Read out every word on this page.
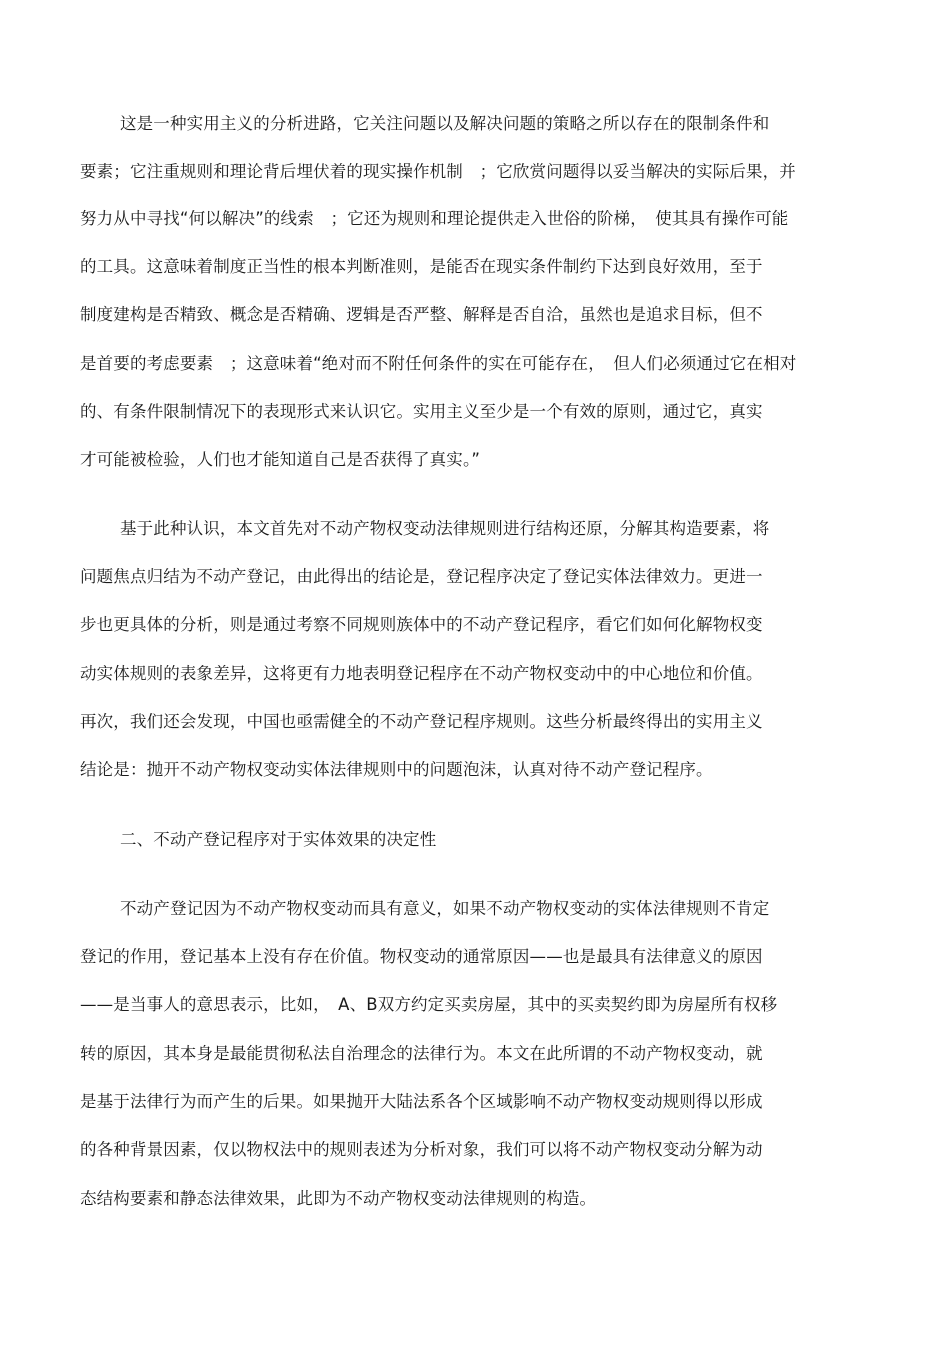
这是一种实用主义的分析进路，它关注问题以及解决问题的策略之所以存在的限制条件和
要素；它注重规则和理论背后埋伏着的现实操作机制　；它欣赏问题得以妥当解决的实际后果，并
努力从中寻找“何以解决”的线索　；它还为规则和理论提供走入世俗的阶梯，　使其具有操作可能
的工具。这意味着制度正当性的根本判断准则，是能否在现实条件制约下达到良好效用，至于
制度建构是否精致、概念是否精确、逻辑是否严整、解释是否自洽，虽然也是追求目标，但不
是首要的考虑要素　；这意味着“绝对而不附任何条件的实在可能存在，　但人们必须通过它在相对
的、有条件限制情况下的表现形式来认识它。实用主义至少是一个有效的原则，通过它，真实
才可能被检验，人们也才能知道自己是否获得了真实。”
基于此种认识，本文首先对不动产物权变动法律规则进行结构还原，分解其构造要素，将
问题焦点归结为不动产登记，由此得出的结论是，登记程序决定了登记实体法律效力。更进一
步也更具体的分析，则是通过考察不同规则族体中的不动产登记程序，看它们如何化解物权变
动实体规则的表象差异，这将更有力地表明登记程序在不动产物权变动中的中心地位和价值。
再次，我们还会发现，中国也亟需健全的不动产登记程序规则。这些分析最终得出的实用主义
结论是：抛开不动产物权变动实体法律规则中的问题泡沫，认真对待不动产登记程序。
二、不动产登记程序对于实体效果的决定性
不动产登记因为不动产物权变动而具有意义，如果不动产物权变动的实体法律规则不肯定
登记的作用，登记基本上没有存在价值。物权变动的通常原因——也是最具有法律意义的原因
——是当事人的意思表示，比如，　A、B双方约定买卖房屋，其中的买卖契约即为房屋所有权移
转的原因，其本身是最能贯彻私法自治理念的法律行为。本文在此所谓的不动产物权变动，就
是基于法律行为而产生的后果。如果抛开大陆法系各个区域影响不动产物权变动规则得以形成
的各种背景因素，仅以物权法中的规则表述为分析对象，我们可以将不动产物权变动分解为动
态结构要素和静态法律效果，此即为不动产物权变动法律规则的构造。
